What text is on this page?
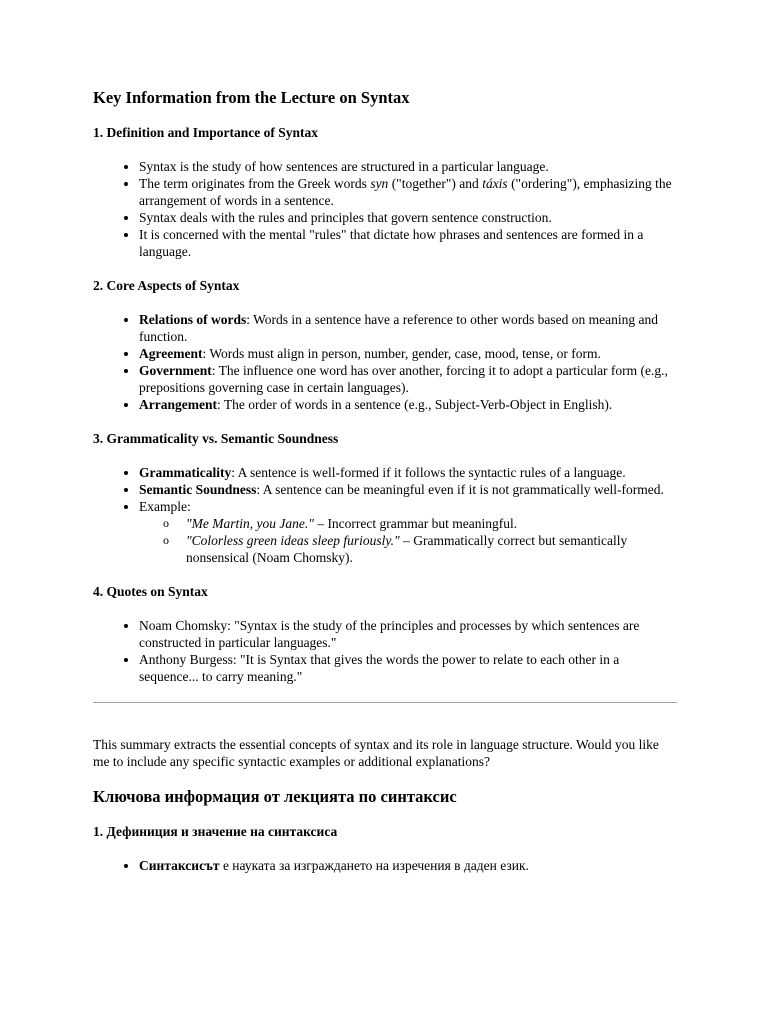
Key Information from the Lecture on Syntax
1. Definition and Importance of Syntax
• Syntax is the study of how sentences are structured in a particular language.
• The term originates from the Greek words syn ("together") and táxis ("ordering"), emphasizing the arrangement of words in a sentence.
• Syntax deals with the rules and principles that govern sentence construction.
• It is concerned with the mental "rules" that dictate how phrases and sentences are formed in a language.
2. Core Aspects of Syntax
• Relations of words: Words in a sentence have a reference to other words based on meaning and function.
• Agreement: Words must align in person, number, gender, case, mood, tense, or form.
• Government: The influence one word has over another, forcing it to adopt a particular form (e.g., prepositions governing case in certain languages).
• Arrangement: The order of words in a sentence (e.g., Subject-Verb-Object in English).
3. Grammaticality vs. Semantic Soundness
• Grammaticality: A sentence is well-formed if it follows the syntactic rules of a language.
• Semantic Soundness: A sentence can be meaningful even if it is not grammatically well-formed.
• Example:
o "Me Martin, you Jane." – Incorrect grammar but meaningful.
o "Colorless green ideas sleep furiously." – Grammatically correct but semantically nonsensical (Noam Chomsky).
4. Quotes on Syntax
• Noam Chomsky: "Syntax is the study of the principles and processes by which sentences are constructed in particular languages."
• Anthony Burgess: "It is Syntax that gives the words the power to relate to each other in a sequence... to carry meaning."

This summary extracts the essential concepts of syntax and its role in language structure. Would you like me to include any specific syntactic examples or additional explanations?

Ключова информация от лекцията по синтаксис
1. Дефиниция и значение на синтаксиса
• Синтаксисът е науката за изграждането на изречения в даден език.
